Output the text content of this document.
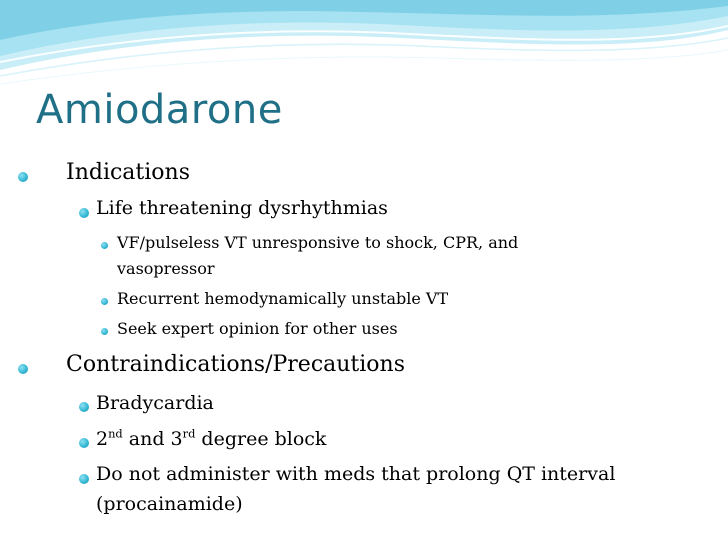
Amiodarone
Indications
Life threatening dysrhythmias
VF/pulseless VT unresponsive to shock, CPR, and
vasopressor
Recurrent hemodynamically unstable VT
Seek expert opinion for other uses
Contraindications/Precautions
Bradycardia
2nd and 3rd degree block
Do not administer with meds that prolong QT interval
(procainamide)
